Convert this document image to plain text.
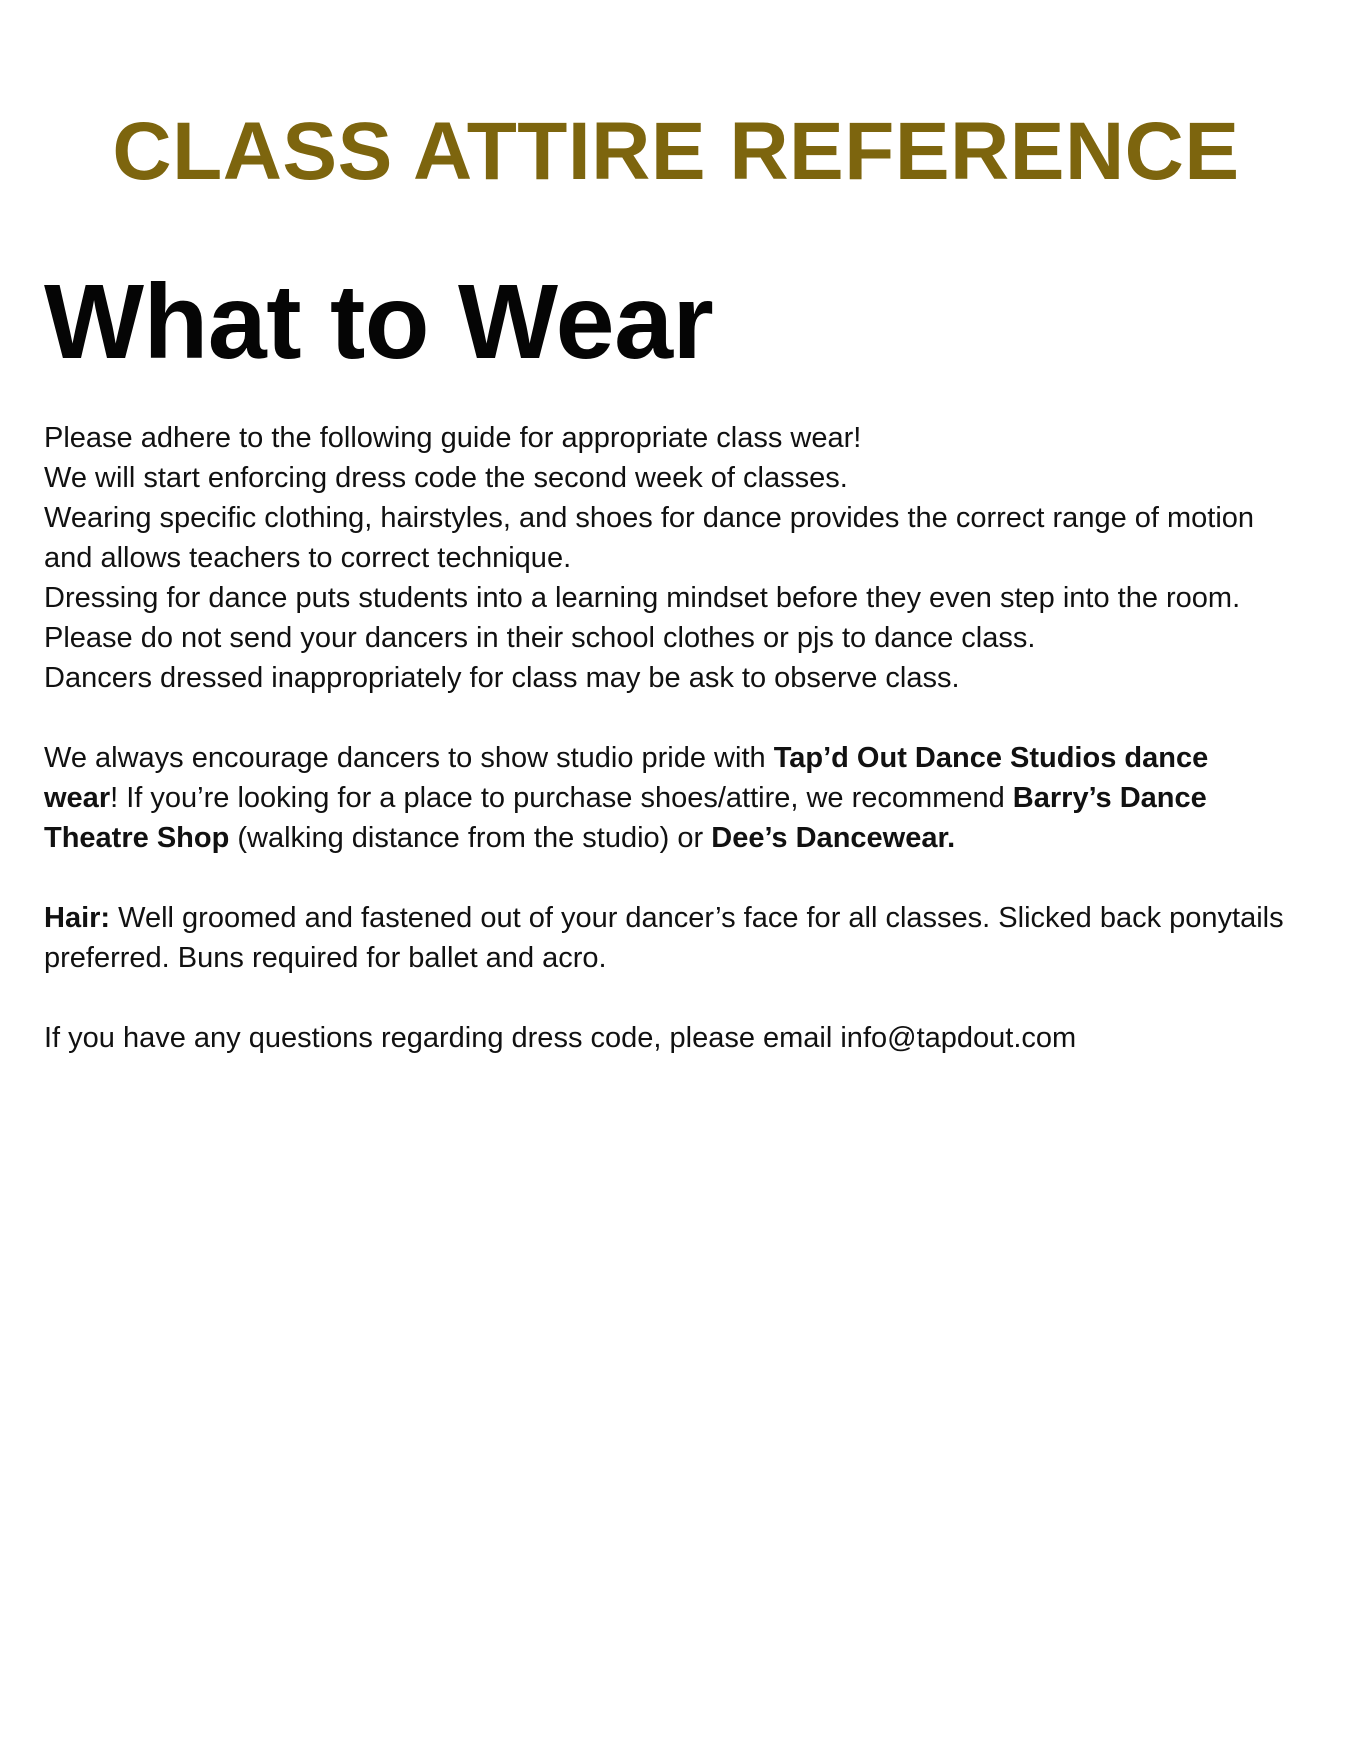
CLASS ATTIRE REFERENCE
What to Wear

Please adhere to the following guide for appropriate class wear!
We will start enforcing dress code the second week of classes.
Wearing specific clothing, hairstyles, and shoes for dance provides the correct range of motion and allows teachers to correct technique.
Dressing for dance puts students into a learning mindset before they even step into the room. Please do not send your dancers in their school clothes or pjs to dance class.
Dancers dressed inappropriately for class may be ask to observe class.

We always encourage dancers to show studio pride with Tap’d Out Dance Studios dance wear! If you’re looking for a place to purchase shoes/attire, we recommend Barry’s Dance Theatre Shop (walking distance from the studio) or Dee’s Dancewear.

Hair: Well groomed and fastened out of your dancer’s face for all classes. Slicked back ponytails preferred. Buns required for ballet and acro.

If you have any questions regarding dress code, please email info@tapdout.com
